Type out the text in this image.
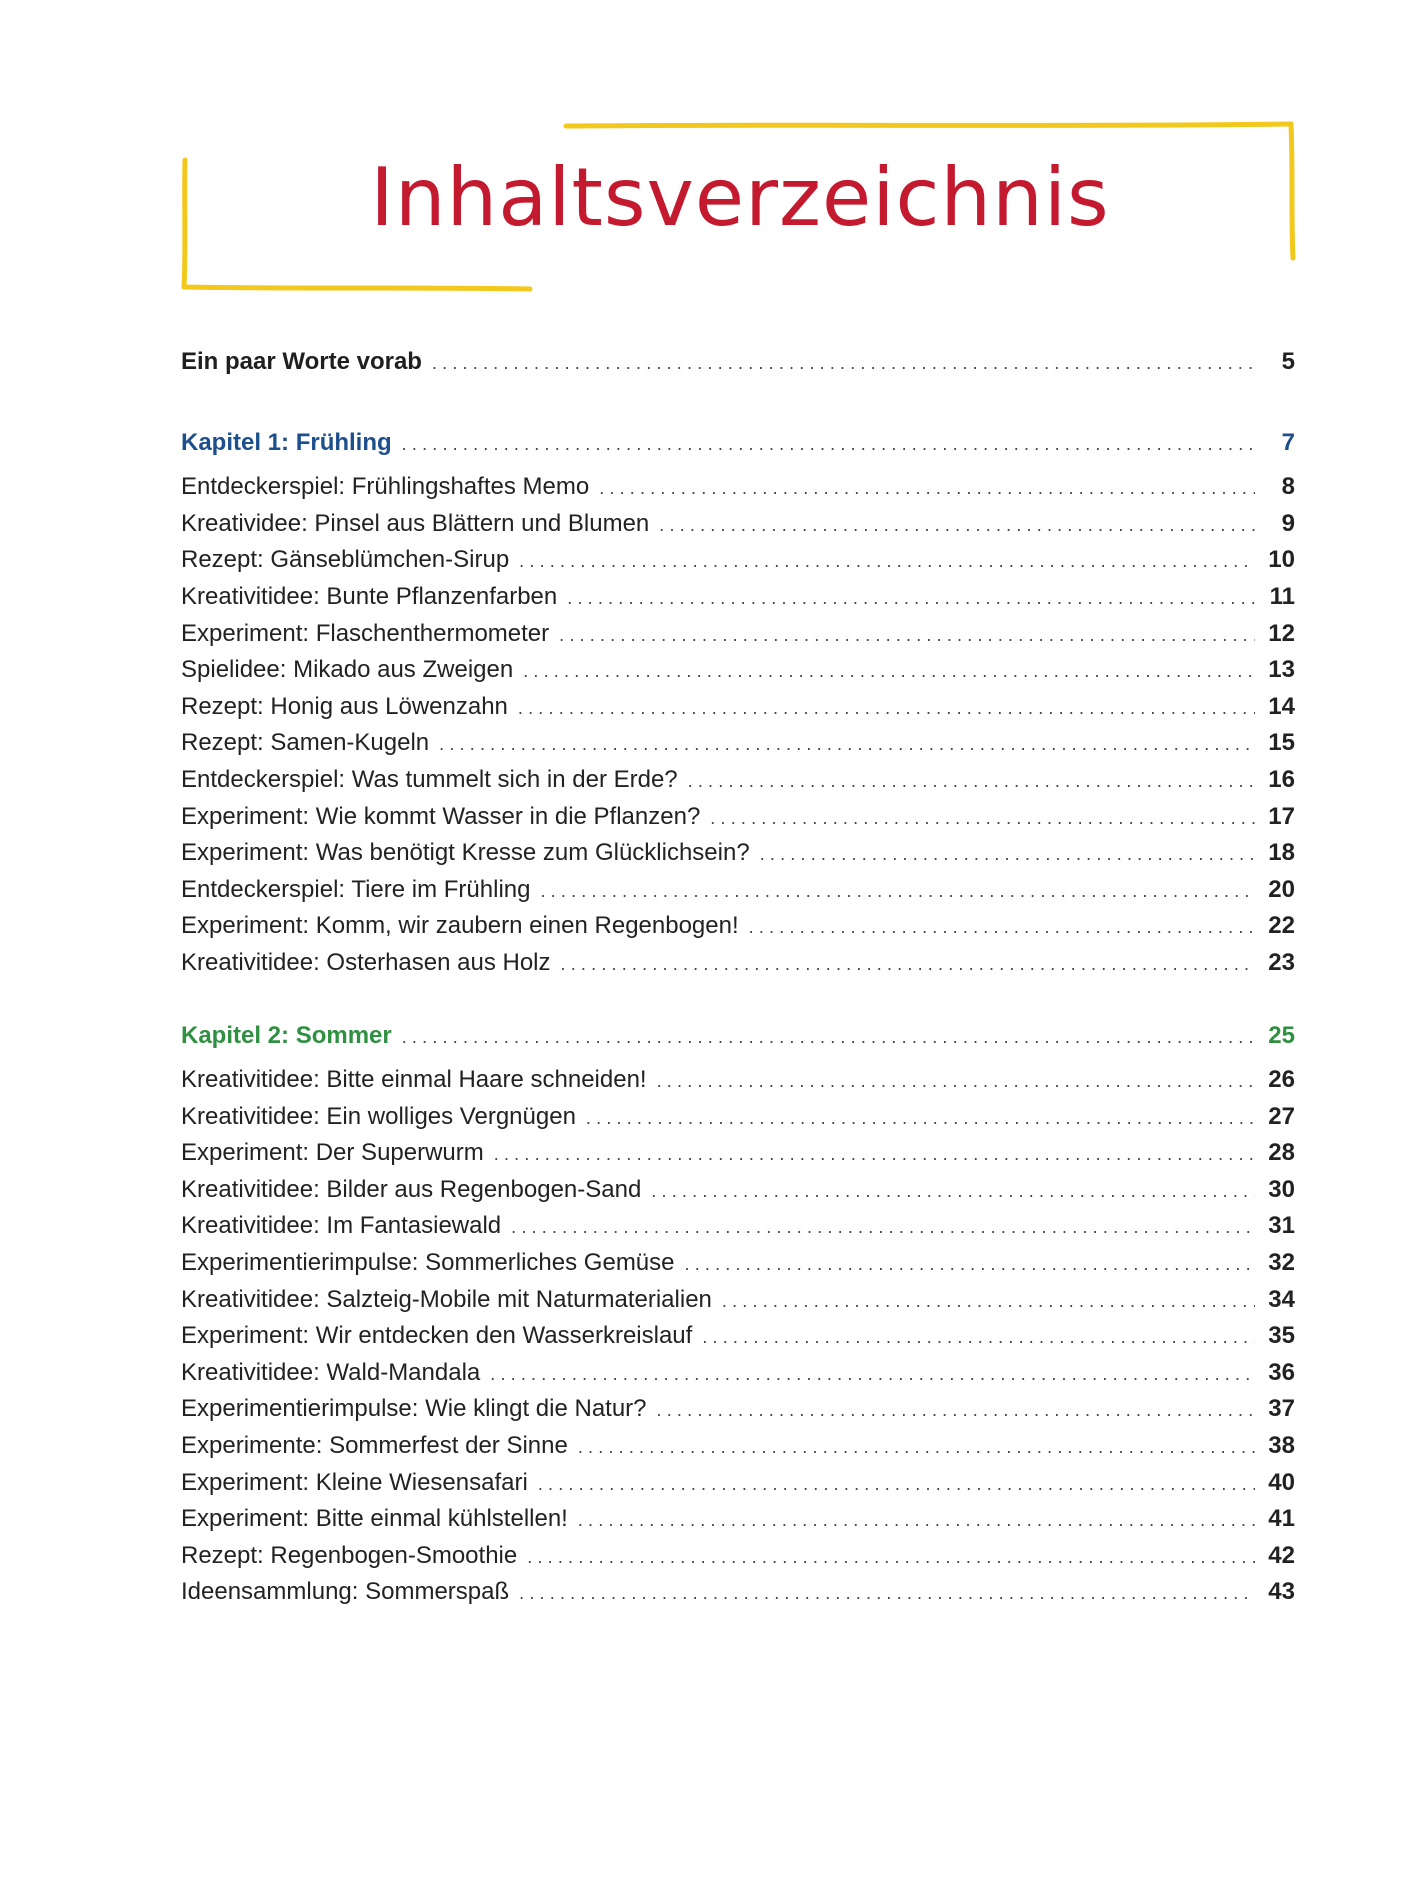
Inhaltsverzeichnis
Ein paar Worte vorab . . .	5
Kapitel 1: Frühling . . .	7
Entdeckerspiel: Frühlingshaftes Memo . . .	8
Kreatividee: Pinsel aus Blättern und Blumen . . .	9
Rezept: Gänseblümchen-Sirup . . .	10
Kreativitidee: Bunte Pflanzenfarben . . .	11
Experiment: Flaschenthermometer . . .	12
Spielidee: Mikado aus Zweigen . . .	13
Rezept: Honig aus Löwenzahn . . .	14
Rezept: Samen-Kugeln . . .	15
Entdeckerspiel: Was tummelt sich in der Erde? . . .	16
Experiment: Wie kommt Wasser in die Pflanzen? . . .	17
Experiment: Was benötigt Kresse zum Glücklichsein? . . .	18
Entdeckerspiel: Tiere im Frühling . . .	20
Experiment: Komm, wir zaubern einen Regenbogen! . . .	22
Kreativitidee: Osterhasen aus Holz . . .	23
Kapitel 2: Sommer . . .	25
Kreativitidee: Bitte einmal Haare schneiden! . . .	26
Kreativitidee: Ein wolliges Vergnügen . . .	27
Experiment: Der Superwurm . . .	28
Kreativitidee: Bilder aus Regenbogen-Sand . . .	30
Kreativitidee: Im Fantasiewald . . .	31
Experimentierimpulse: Sommerliches Gemüse . . .	32
Kreativitidee: Salzteig-Mobile mit Naturmaterialien . . .	34
Experiment: Wir entdecken den Wasserkreislauf . . .	35
Kreativitidee: Wald-Mandala . . .	36
Experimentierimpulse: Wie klingt die Natur? . . .	37
Experimente: Sommerfest der Sinne . . .	38
Experiment: Kleine Wiesensafari . . .	40
Experiment: Bitte einmal kühlstellen! . . .	41
Rezept: Regenbogen-Smoothie . . .	42
Ideensammlung: Sommerspaß . . .	43
